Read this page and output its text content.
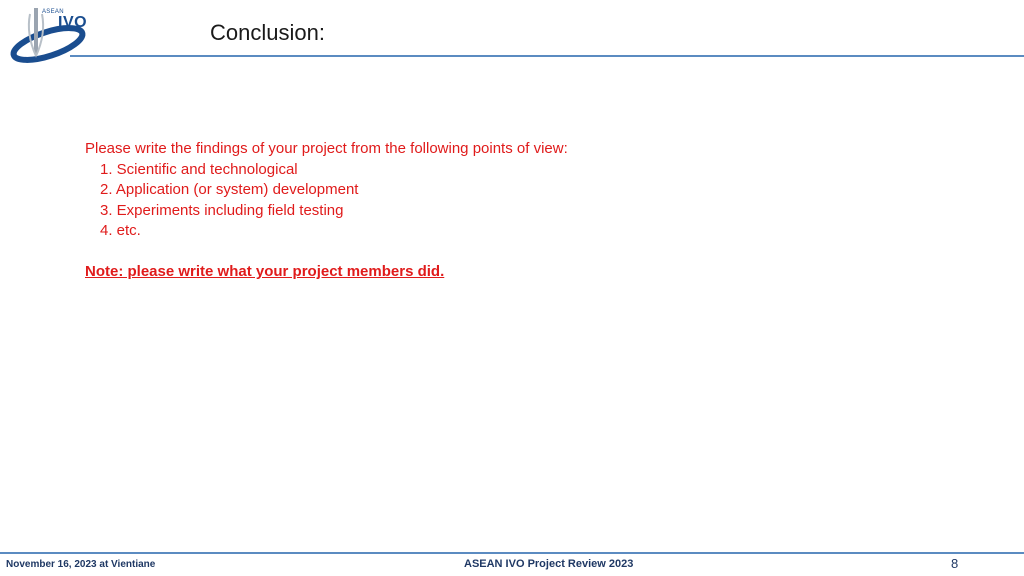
ASEAN
IVO	Conclusion:

Please write the findings of your project from the following points of view:

1. Scientific and technological
2. Application (or system) development
3. Experiments including field testing
4. etc.
Note: please write what your project members did.
November 16, 2023 at Vientiane	ASEAN IVO Project Review 2023	8
